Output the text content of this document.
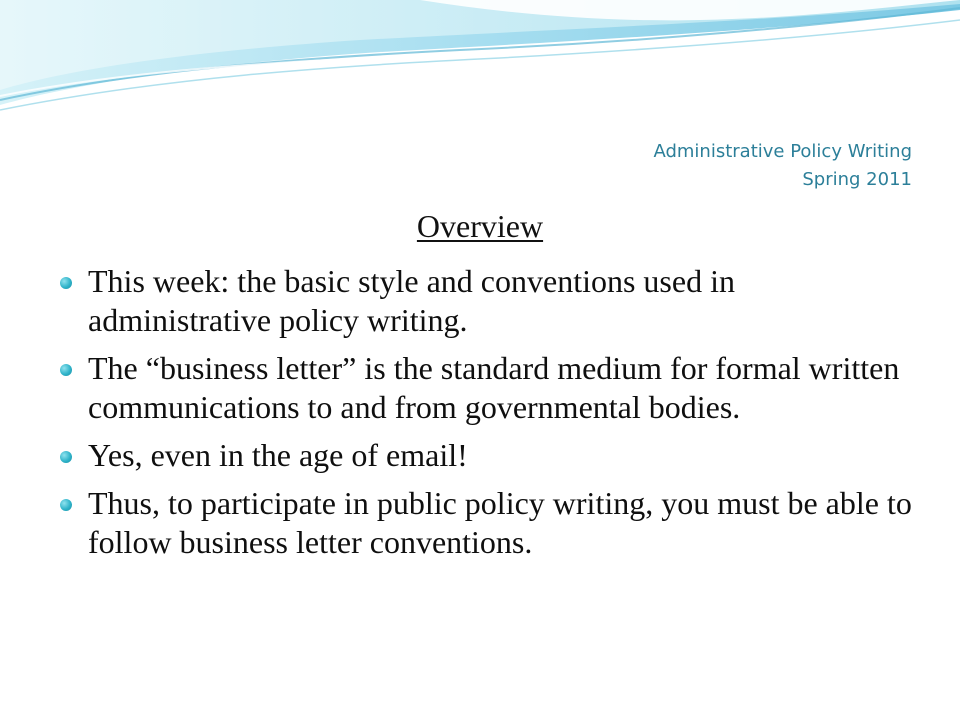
Administrative Policy Writing
Spring 2011
Overview
This week: the basic style and conventions used in administrative policy writing.
The “business letter” is the standard medium for formal written communications to and from governmental bodies.
Yes, even in the age of email!
Thus, to participate in public policy writing, you must be able to follow business letter conventions.
